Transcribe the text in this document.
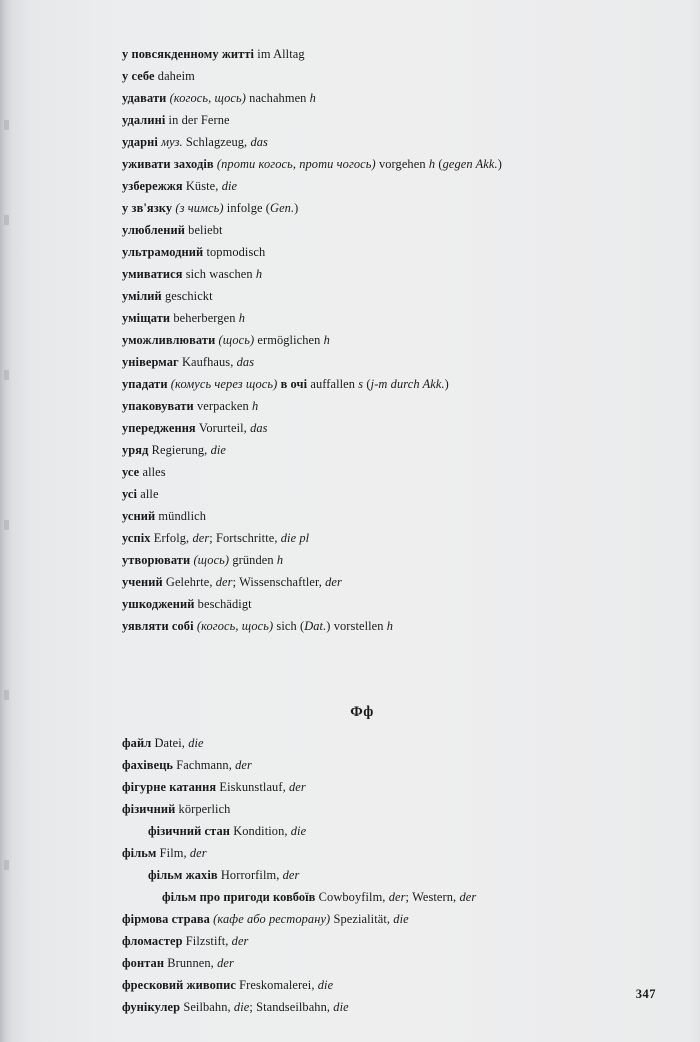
у повсякденному житті im Alltag
у себе daheim
удавати (когось, щось) nachahmen h
удалині in der Ferne
ударні муз. Schlagzeug, das
уживати заходів (проти когось, проти чогось) vorgehen h (gegen Akk.)
узбережжя Küste, die
у зв'язку (з чимсь) infolge (Gen.)
улюблений beliebt
ультрамодний topmodisch
умиватися sich waschen h
умілий geschickt
уміщати beherbergen h
уможливлювати (щось) ermöglichen h
універмаг Kaufhaus, das
упадати (комусь через щось) в очі auffallen s (j-m durch Akk.)
упаковувати verpacken h
упередження Vorurteil, das
уряд Regierung, die
усе alles
усі alle
усний mündlich
успіх Erfolg, der; Fortschritte, die pl
утворювати (щось) gründen h
учений Gelehrte, der; Wissenschaftler, der
ушкоджений beschädigt
уявляти собі (когось, щось) sich (Dat.) vorstellen h
Фф
файл Datei, die
фахівець Fachmann, der
фігурне катання Eiskunstlauf, der
фізичний körperlich
фізичний стан Kondition, die
фільм Film, der
фільм жахів Horrorfilm, der
фільм про пригоди ковбоїв Cowboyfilm, der; Western, der
фірмова страва (кафе або ресторану) Spezialität, die
фломастер Filzstift, der
фонтан Brunnen, der
фресковий живопис Freskomalerei, die
фунікулер Seilbahn, die; Standseilbahn, die
347
